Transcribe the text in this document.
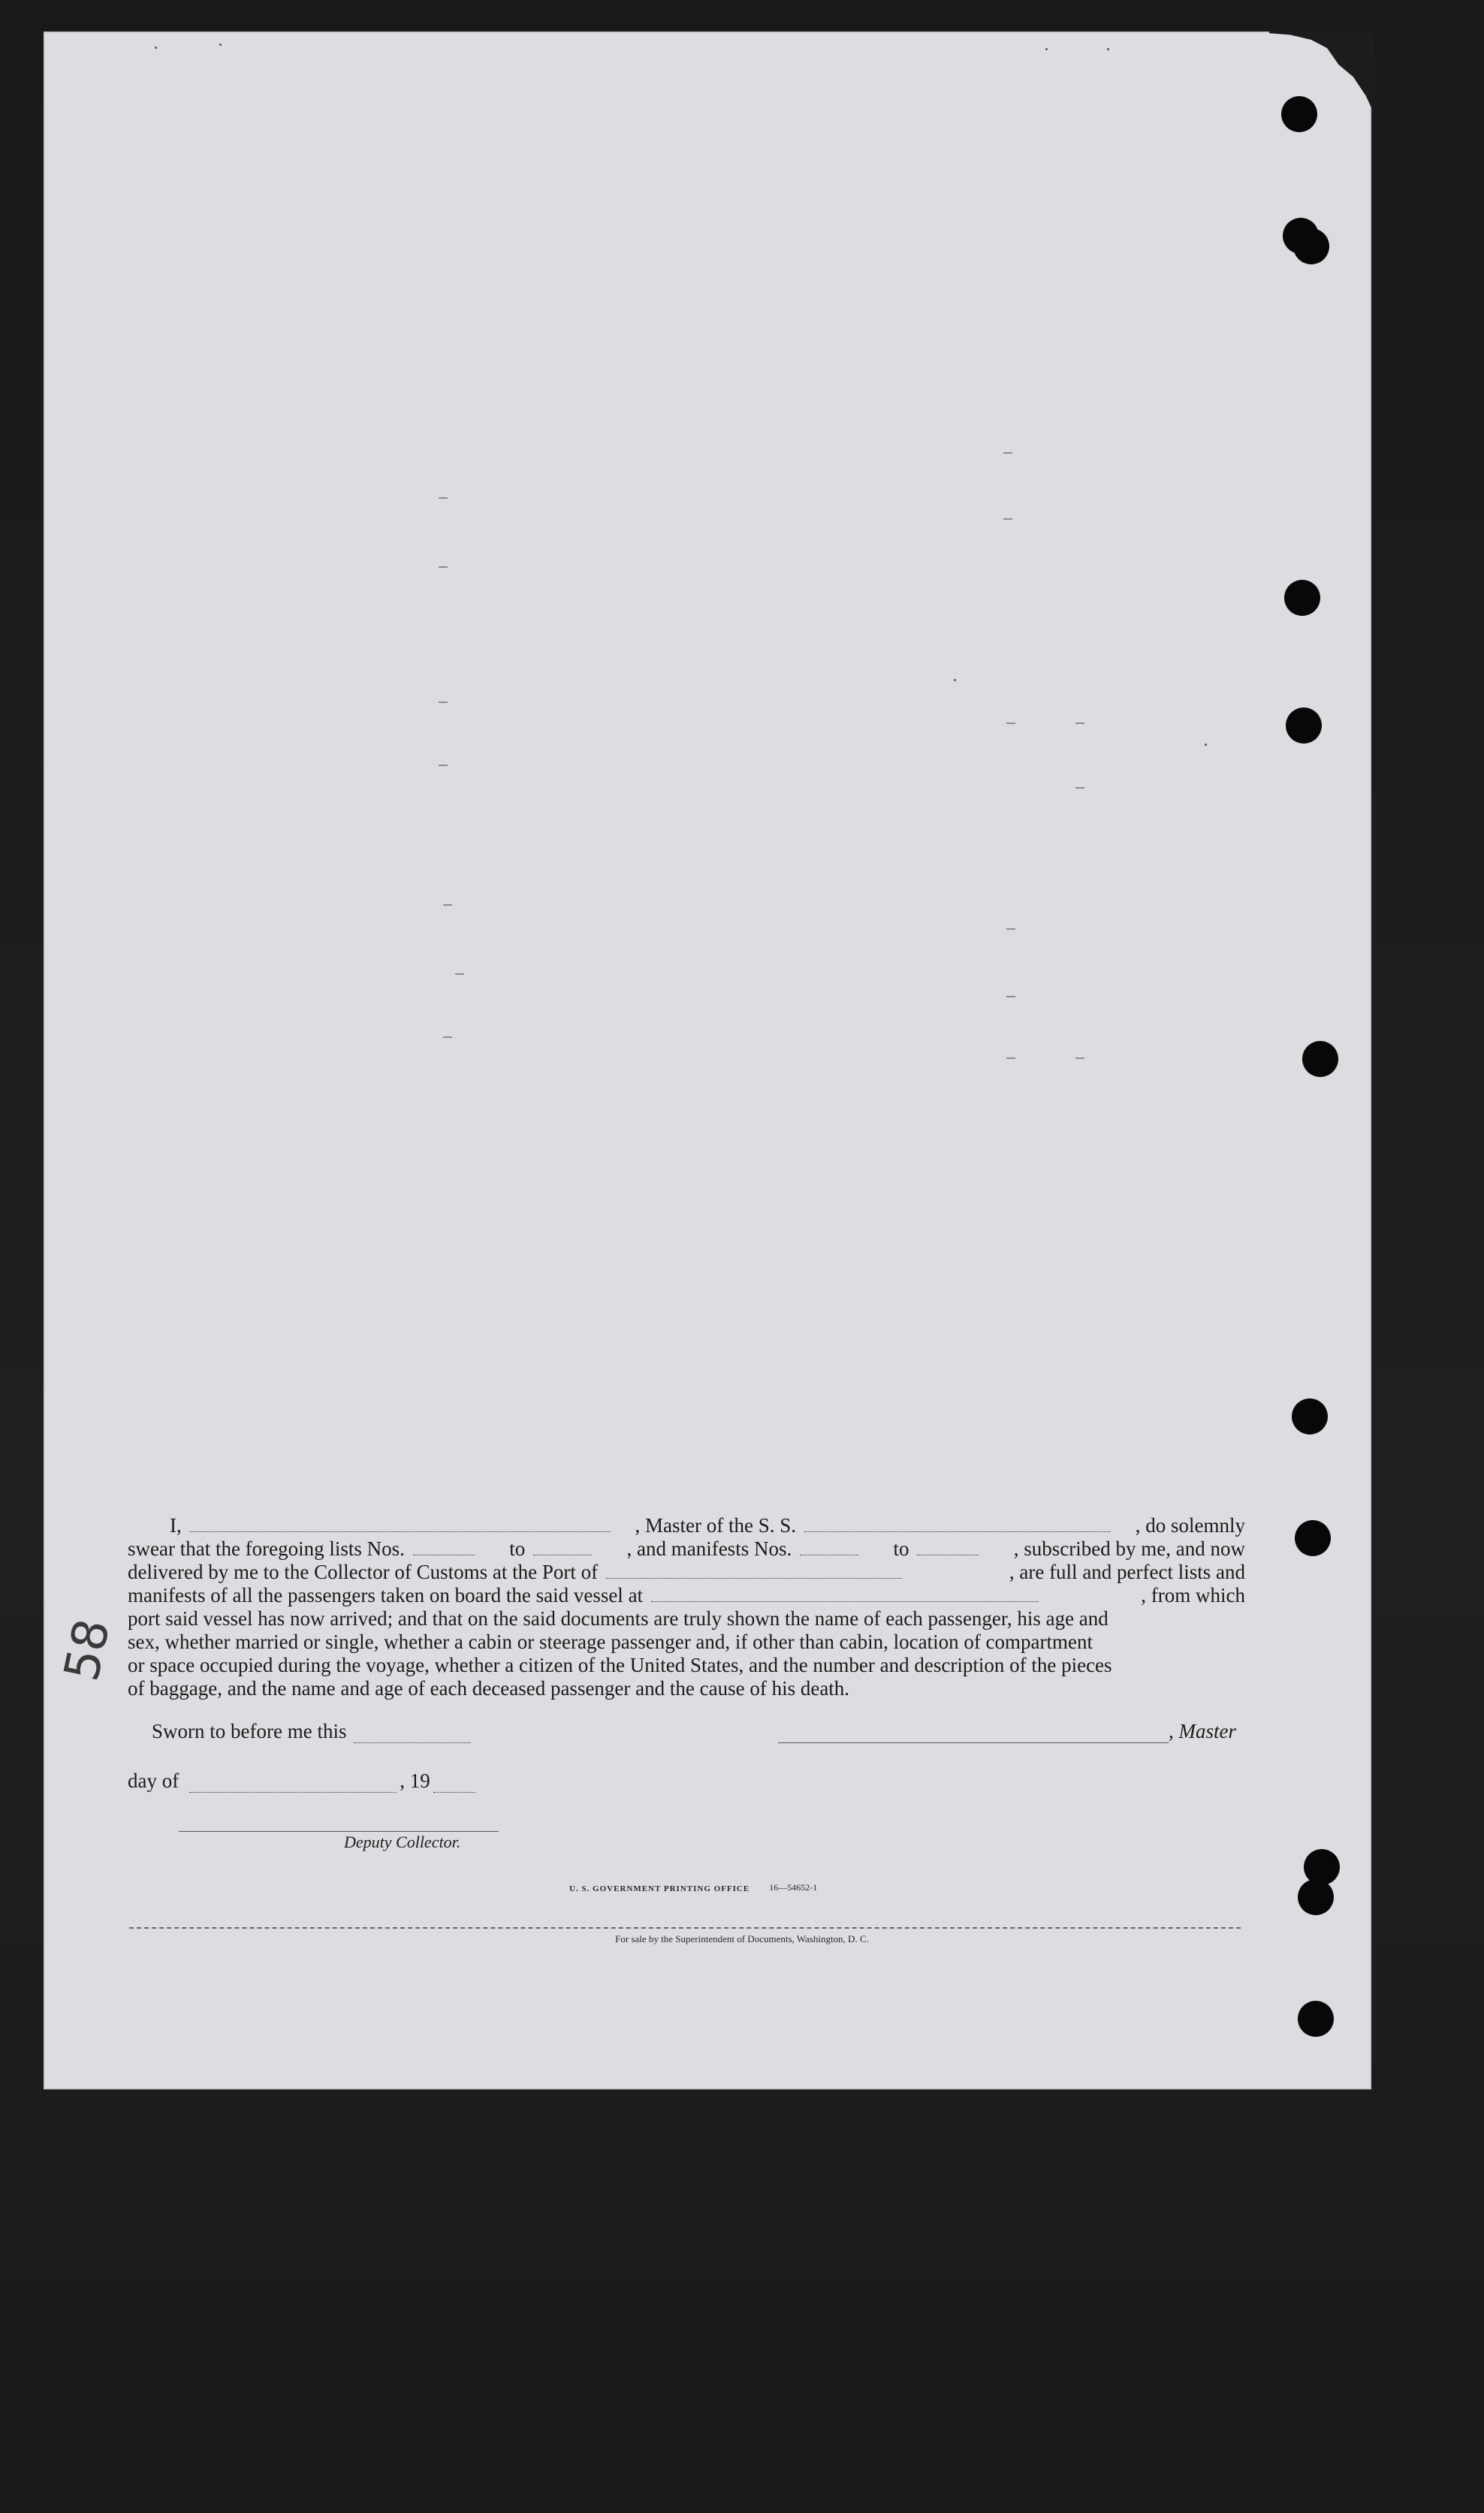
I,	, Master of the S. S.	, do solemnly
swear that the foregoing lists Nos.	to	, and manifests Nos.	to	, subscribed by me, and now
delivered by me to the Collector of Customs at the Port of	, are full and perfect lists and
manifests of all the passengers taken on board the said vessel at	, from which
port said vessel has now arrived; and that on the said documents are truly shown the name of each passenger, his age and
sex, whether married or single, whether a cabin or steerage passenger and, if other than cabin, location of compartment
or space occupied during the voyage, whether a citizen of the United States, and the number and description of the pieces
of baggage, and the name and age of each deceased passenger and the cause of his death.
Sworn to before me this	, Master
day of	, 19
Deputy Collector.
U. S. GOVERNMENT PRINTING OFFICE 16—54652-1
For sale by the Superintendent of Documents, Washington, D. C.
58
